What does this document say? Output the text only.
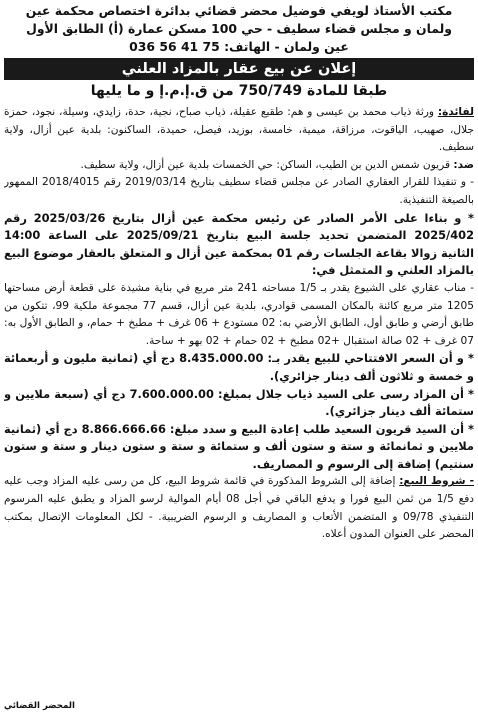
مكتب الأستاذ لويفي فوضيل محضر قضائي بدائرة اختصاص محكمة عين
ولمان و مجلس قضاء سطيف - حي 100 مسكن عمارة (أ) الطابق الأول
عين ولمان - الهاتف: 75 41 56 036
إعلان عن بيع عقار بالمزاد العلني
طبقا للمادة 750/749 من ق.إ.م.إ و ما يليها

لفائدة: ورثة ذياب محمد بن عيسى و هم: طقيع عقيلة، ذياب صباح، نجية، حدة، زايدي، وسيلة، نجود، حمزة جلال، صهيب، الياقوت، مرزاقة، ميمية، خامسة، بوزيد، فيصل، حميدة، الساكنون: بلدية عين أزال، ولاية سطيف.

ضد: قريون شمس الدين بن الطيب، الساكن: حي الخمسات بلدية عين أزال، ولاية سطيف.

- و تنفيذا للقرار العقاري الصادر عن مجلس قضاء سطيف بتاريخ 2019/03/14 رقم 2018/4015 الممهور بالصيغة التنفيذية.

* و بناءا على الأمر الصادر عن رئيس محكمة عين أزال بتاريخ 2025/03/26 رقم 2025/402 المتضمن تحديد جلسة البيع بتاريخ 2025/09/21 على الساعة 14:00 الثانية زوالا بقاعة الجلسات رقم 01 بمحكمة عين أزال و المتعلق بالعقار موضوع البيع بالمزاد العلني و المتمثل في:

- مناب عقاري على الشيوع يقدر بـ 1/5 مساحته 241 متر مربع في بناية مشيدة على قطعة أرض مساحتها 1205 متر مربع كائنة بالمكان المسمى قوادري، بلدية عين أزال، قسم 77 مجموعة ملكية 99، تتكون من طابق أرضي و طابق أول، الطابق الأرضي به: 02 مستودع + 06 غرف + مطبخ + حمام، و الطابق الأول به: 07 غرف + 02 صالة استقبال +02 مطبخ + 02 حمام + 02 بهو + ساحة.

* و أن السعر الافتتاحي للبيع يقدر بـ: 8.435.000.00 دج أي (ثمانية مليون و أربعمائة و خمسة و ثلاثون ألف دينار جزائري).

* أن المزاد رسى على السيد ذياب جلال بمبلغ: 7.600.000.00 دج أي (سبعة ملايين و ستمائة ألف دينار جزائري).

* أن السيد قريون السعيد طلب إعادة البيع و سدد مبلغ: 8.866.666.66 دج أي (ثمانية ملايين و ثمانمائة و ستة و ستون ألف و ستمائة و ستة و ستون دينار و ستة و ستون سنتيم) إضافة إلى الرسوم و المصاريف.

- شروط البيع: إضافة إلى الشروط المذكورة في قائمة شروط البيع، كل من رسى عليه المزاد وجب عليه دفع 1/5 من ثمن البيع فورا و يدفع الباقي في أجل 08 أيام الموالية لرسو المزاد و يطبق عليه المرسوم التنفيذي 09/78 و المتضمن الأتعاب و المصاريف و الرسوم الضريبية. - لكل المعلومات الإتصال بمكتب المحضر على العنوان المدون أعلاه.

المحضر القضائي
